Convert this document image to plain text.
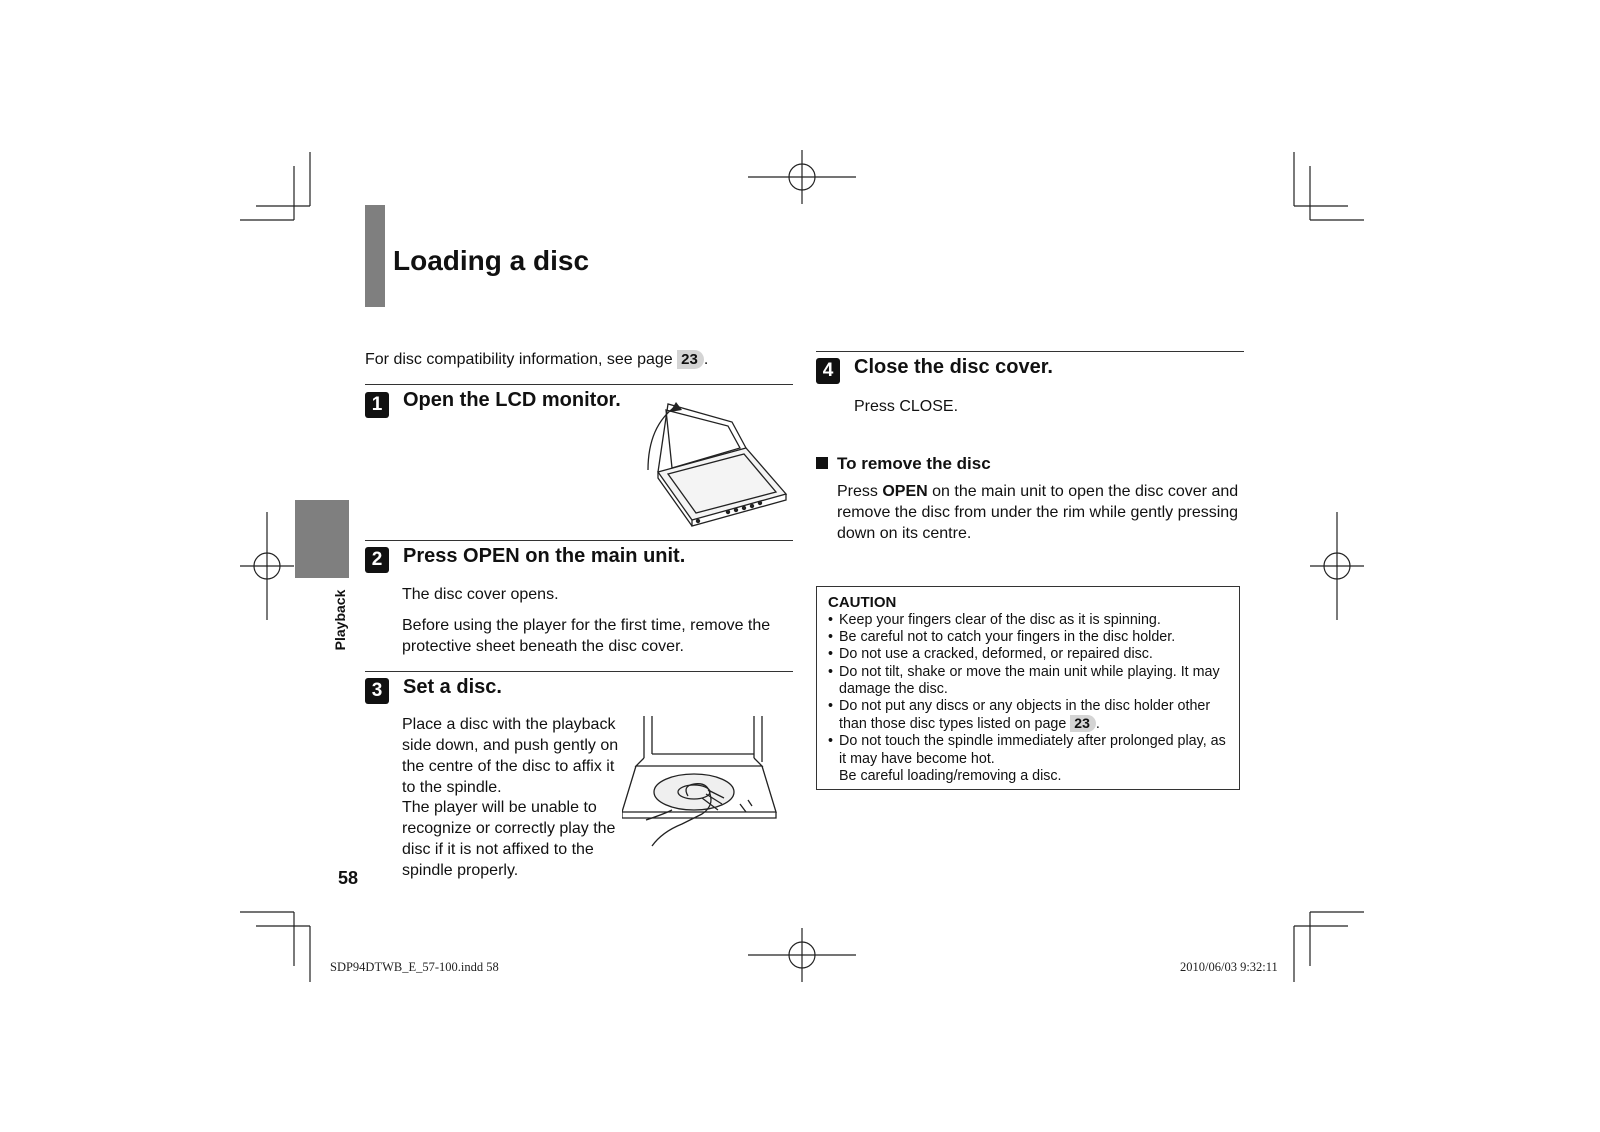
Loading a disc
Playback
58
For disc compatibility information, see page 23 .
1	Open the LCD monitor.
2	Press OPEN on the main unit.
The disc cover opens.
Before using the player for the first time, remove the protective sheet beneath the disc cover.
3	Set a disc.
Place a disc with the playback side down, and push gently on the centre of the disc to affix it to the spindle.
The player will be unable to recognize or correctly play the disc if it is not affixed to the spindle properly.
4	Close the disc cover.
Press CLOSE.
To remove the disc
Press OPEN on the main unit to open the disc cover and remove the disc from under the rim while gently pressing down on its centre.
CAUTION
• Keep your fingers clear of the disc as it is spinning.
• Be careful not to catch your fingers in the disc holder.
• Do not use a cracked, deformed, or repaired disc.
• Do not tilt, shake or move the main unit while playing. It may damage the disc.
• Do not put any discs or any objects in the disc holder other than those disc types listed on page 23 .
• Do not touch the spindle immediately after prolonged play, as it may have become hot.
Be careful loading/removing a disc.
SDP94DTWB_E_57-100.indd 58	2010/06/03 9:32:11
